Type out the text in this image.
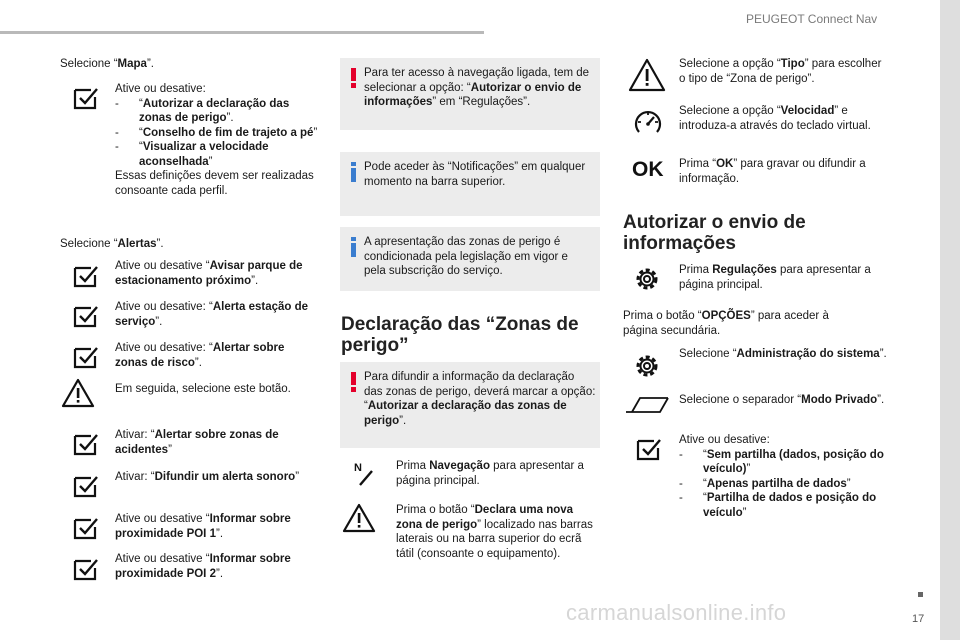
PEUGEOT Connect Nav
17
carmanualsonline.info
Selecione “Mapa”.
Ative ou desative:
- “Autorizar a declaração das zonas de perigo”.
- “Conselho de fim de trajeto a pé”
- “Visualizar a velocidade aconselhada”
Essas definições devem ser realizadas consoante cada perfil.
Selecione “Alertas”.
Ative ou desative “Avisar parque de estacionamento próximo”.
Ative ou desative: “Alerta estação de serviço”.
Ative ou desative: “Alertar sobre zonas de risco”.
Em seguida, selecione este botão.
Ativar: “Alertar sobre zonas de acidentes”
Ativar: “Difundir um alerta sonoro”
Ative ou desative “Informar sobre proximidade POI 1”.
Ative ou desative “Informar sobre proximidade POI 2”.
Para ter acesso à navegação ligada, tem de selecionar a opção: “Autorizar o envio de informações” em “Regulações”.
Pode aceder às “Notificações” em qualquer momento na barra superior.
A apresentação das zonas de perigo é condicionada pela legislação em vigor e pela subscrição do serviço.
Declaração das “Zonas de perigo”
Para difundir a informação da declaração das zonas de perigo, deverá marcar a opção: “Autorizar a declaração das zonas de perigo”.
N	Prima Navegação para apresentar a página principal.
Prima o botão “Declara uma nova zona de perigo” localizado nas barras laterais ou na barra superior do ecrã tátil (consoante o equipamento).
Selecione a opção “Tipo” para escolher o tipo de “Zona de perigo”.
Selecione a opção “Velocidad” e introduza-a através do teclado virtual.
OK Prima “OK” para gravar ou difundir a informação.
Autorizar o envio de informações
Prima Regulações para apresentar a página principal.
Prima o botão “OPÇÕES” para aceder à página secundária.
Selecione “Administração do sistema”.
Selecione o separador “Modo Privado”.
Ative ou desative:
- “Sem partilha (dados, posição do veículo)”
- “Apenas partilha de dados”
- “Partilha de dados e posição do veículo”
